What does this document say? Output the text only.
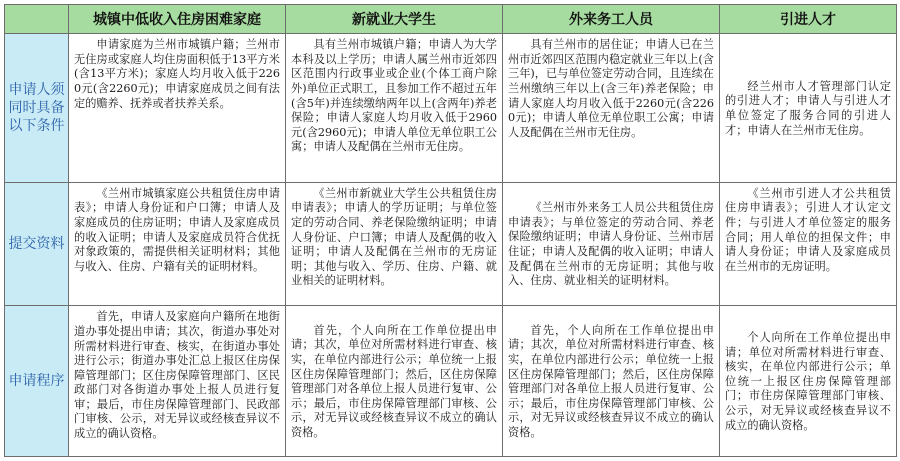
	城镇中低收入住房困难家庭	新就业大学生	外来务工人员	引进人才
申请人须同时具备以下条件	申请家庭为兰州市城镇户籍；兰州市无住房或家庭人均住房面积低于13平方米(含13平方米)；家庭人均月收入低于2260元(含2260元)；申请家庭成员之间有法定的赡养、抚养或者扶养关系。	具有兰州市城镇户籍；申请人为大学本科及以上学历；申请人属兰州市近郊四区范围内行政事业或企业(个体工商户除外)单位正式职工，且参加工作不超过五年(含5年)并连续缴纳两年以上(含两年)养老保险；申请人家庭人均月收入低于2960元(含2960元)；申请人单位无单位职工公寓；申请人及配偶在兰州市无住房。	具有兰州市的居住证；申请人已在兰州市近郊四区范围内稳定就业三年以上(含三年)，已与单位签定劳动合同，且连续在兰州缴纳三年以上(含三年)养老保险；申请人家庭人均月收入低于2260元(含2260元)；申请人单位无单位职工公寓；申请人及配偶在兰州市无住房。	经兰州市人才管理部门认定的引进人才；申请人与引进人才单位签定了服务合同的引进人才；申请人在兰州市无住房。
提交资料	《兰州市城镇家庭公共租赁住房申请表》；申请人身份证和户口簿；申请人及家庭成员的住房证明；申请人及家庭成员的收入证明；申请人及家庭成员符合优抚对象政策的，需提供相关证明材料；其他与收入、住房、户籍有关的证明材料。	《兰州市新就业大学生公共租赁住房申请表》；申请人的学历证明；与单位签定的劳动合同、养老保险缴纳证明；申请人身份证、户口簿；申请人及配偶的收入证明；申请人及配偶在兰州市的无房证明；其他与收入、学历、住房、户籍、就业相关的证明材料。	《兰州市外来务工人员公共租赁住房申请表》；与单位签定的劳动合同、养老保险缴纳证明；申请人身份证、兰州市居住证；申请人及配偶的收入证明；申请人及配偶在兰州市的无房证明；其他与收入、住房、就业相关的证明材料。	《兰州市引进人才公共租赁住房申请表》；引进人才认定文件；与引进人才单位签定的服务合同；用人单位的担保文件；申请人身份证；申请人及家庭成员在兰州市的无房证明。
申请程序	首先，申请人及家庭向户籍所在地街道办事处提出申请；其次，街道办事处对所需材料进行审查、核实，在街道办事处进行公示；街道办事处汇总上报区住房保障管理部门；区住房保障管理部门、区民政部门对各街道办事处上报人员进行复审；最后，市住房保障管理部门、民政部门审核、公示，对无异议或经核查异议不成立的确认资格。	首先，个人向所在工作单位提出申请；其次，单位对所需材料进行审查、核实，在单位内部进行公示；单位统一上报区住房保障管理部门；然后，区住房保障管理部门对各单位上报人员进行复审、公示；最后，市住房保障管理部门审核、公示，对无异议或经核查异议不成立的确认资格。	首先，个人向所在工作单位提出申请；其次，单位对所需材料进行审查、核实，在单位内部进行公示；单位统一上报区住房保障管理部门；然后，区住房保障管理部门对各单位上报人员进行复审、公示；最后，市住房保障管理部门审核、公示，对无异议或经核查异议不成立的确认资格。	个人向所在工作单位提出申请；单位对所需材料进行审查、核实，在单位内部进行公示；单位统一上报区住房保障管理部门；市住房保障管理部门审核、公示，对无异议或经核查异议不成立的确认资格。
